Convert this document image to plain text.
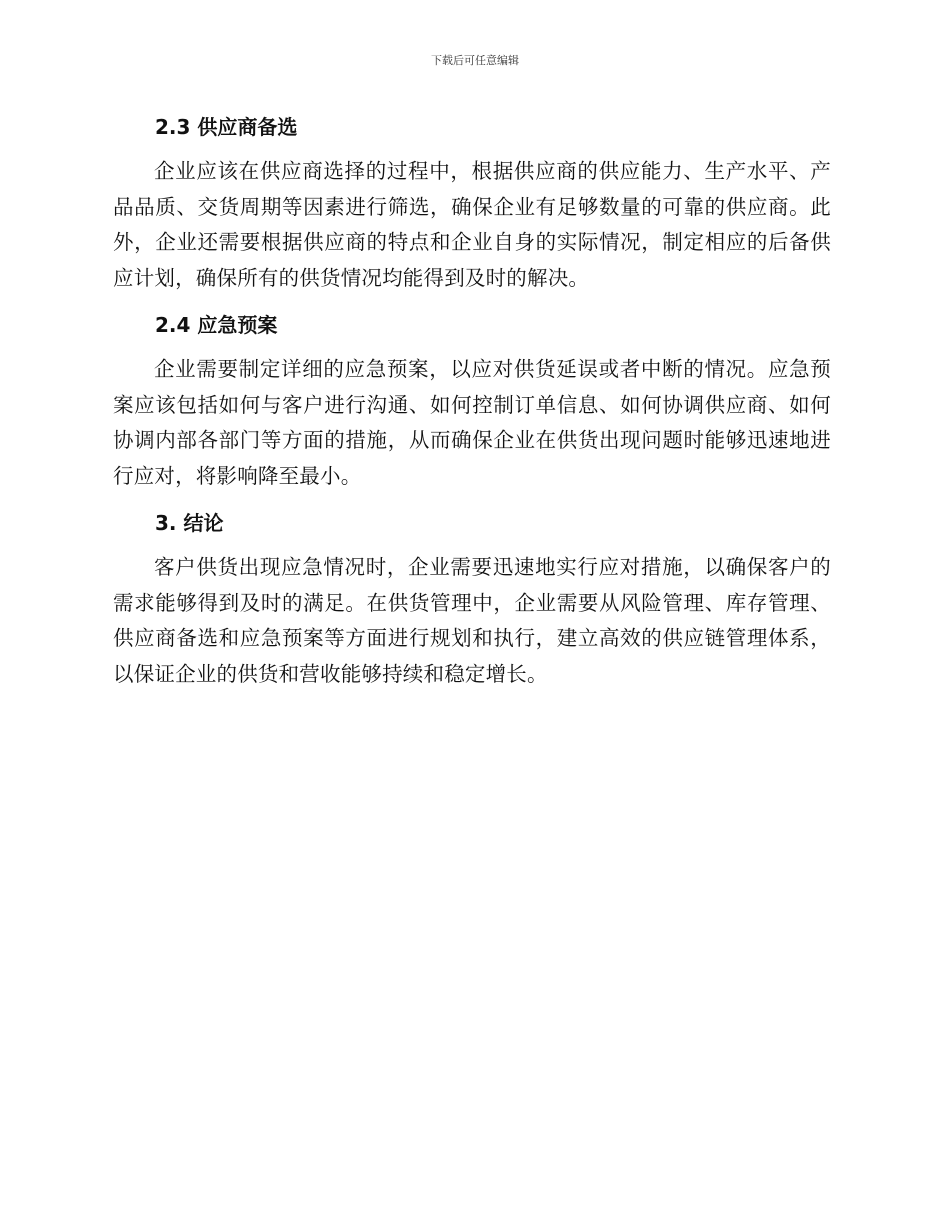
下载后可任意编辑
2.3 供应商备选

企业应该在供应商选择的过程中，根据供应商的供应能力、生产水平、产品品质、交货周期等因素进行筛选，确保企业有足够数量的可靠的供应商。此外，企业还需要根据供应商的特点和企业自身的实际情况，制定相应的后备供应计划，确保所有的供货情况均能得到及时的解决。

2.4 应急预案

企业需要制定详细的应急预案，以应对供货延误或者中断的情况。应急预案应该包括如何与客户进行沟通、如何控制订单信息、如何协调供应商、如何协调内部各部门等方面的措施，从而确保企业在供货出现问题时能够迅速地进行应对，将影响降至最小。

3. 结论

客户供货出现应急情况时，企业需要迅速地实行应对措施，以确保客户的需求能够得到及时的满足。在供货管理中，企业需要从风险管理、库存管理、供应商备选和应急预案等方面进行规划和执行，建立高效的供应链管理体系，以保证企业的供货和营收能够持续和稳定增长。
